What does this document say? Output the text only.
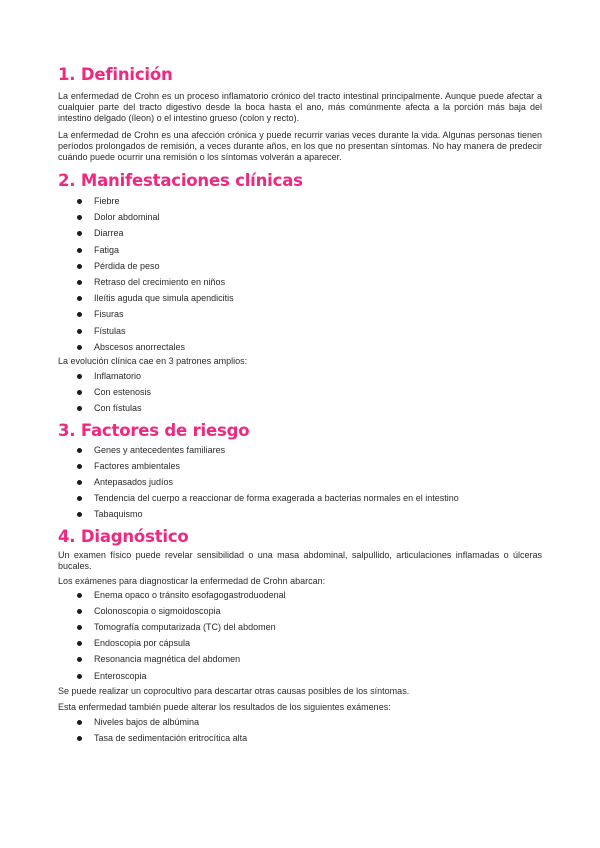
1. Definición

La enfermedad de Crohn es un proceso inflamatorio crónico del tracto intestinal principalmente. Aunque puede afectar a cualquier parte del tracto digestivo desde la boca hasta el ano, más comúnmente afecta a la porción más baja del intestino delgado (íleon) o el intestino grueso (colon y recto).

La enfermedad de Crohn es una afección crónica y puede recurrir varias veces durante la vida. Algunas personas tienen períodos prolongados de remisión, a veces durante años, en los que no presentan síntomas. No hay manera de predecir cuándo puede ocurrir una remisión o los síntomas volverán a aparecer.

2. Manifestaciones clínicas
Fiebre
Dolor abdominal
Diarrea
Fatiga
Pérdida de peso
Retraso del crecimiento en niños
Ileítis aguda que simula apendicitis
Fisuras
Fístulas
Abscesos anorrectales

La evolución clínica cae en 3 patrones amplios:

Inflamatorio
Con estenosis
Con fístulas
3. Factores de riesgo
Genes y antecedentes familiares
Factores ambientales
Antepasados judíos
Tendencia del cuerpo a reaccionar de forma exagerada a bacterias normales en el intestino
Tabaquismo
4. Diagnóstico

Un examen físico puede revelar sensibilidad o una masa abdominal, salpullido, articulaciones inflamadas o úlceras bucales.

Los exámenes para diagnosticar la enfermedad de Crohn abarcan:

Enema opaco o tránsito esofagogastroduodenal
Colonoscopia o sigmoidoscopia
Tomografía computarizada (TC) del abdomen
Endoscopia por cápsula
Resonancia magnética del abdomen
Enteroscopia

Se puede realizar un coprocultivo para descartar otras causas posibles de los síntomas.

Esta enfermedad también puede alterar los resultados de los siguientes exámenes:

Niveles bajos de albúmina
Tasa de sedimentación eritrocítica alta
